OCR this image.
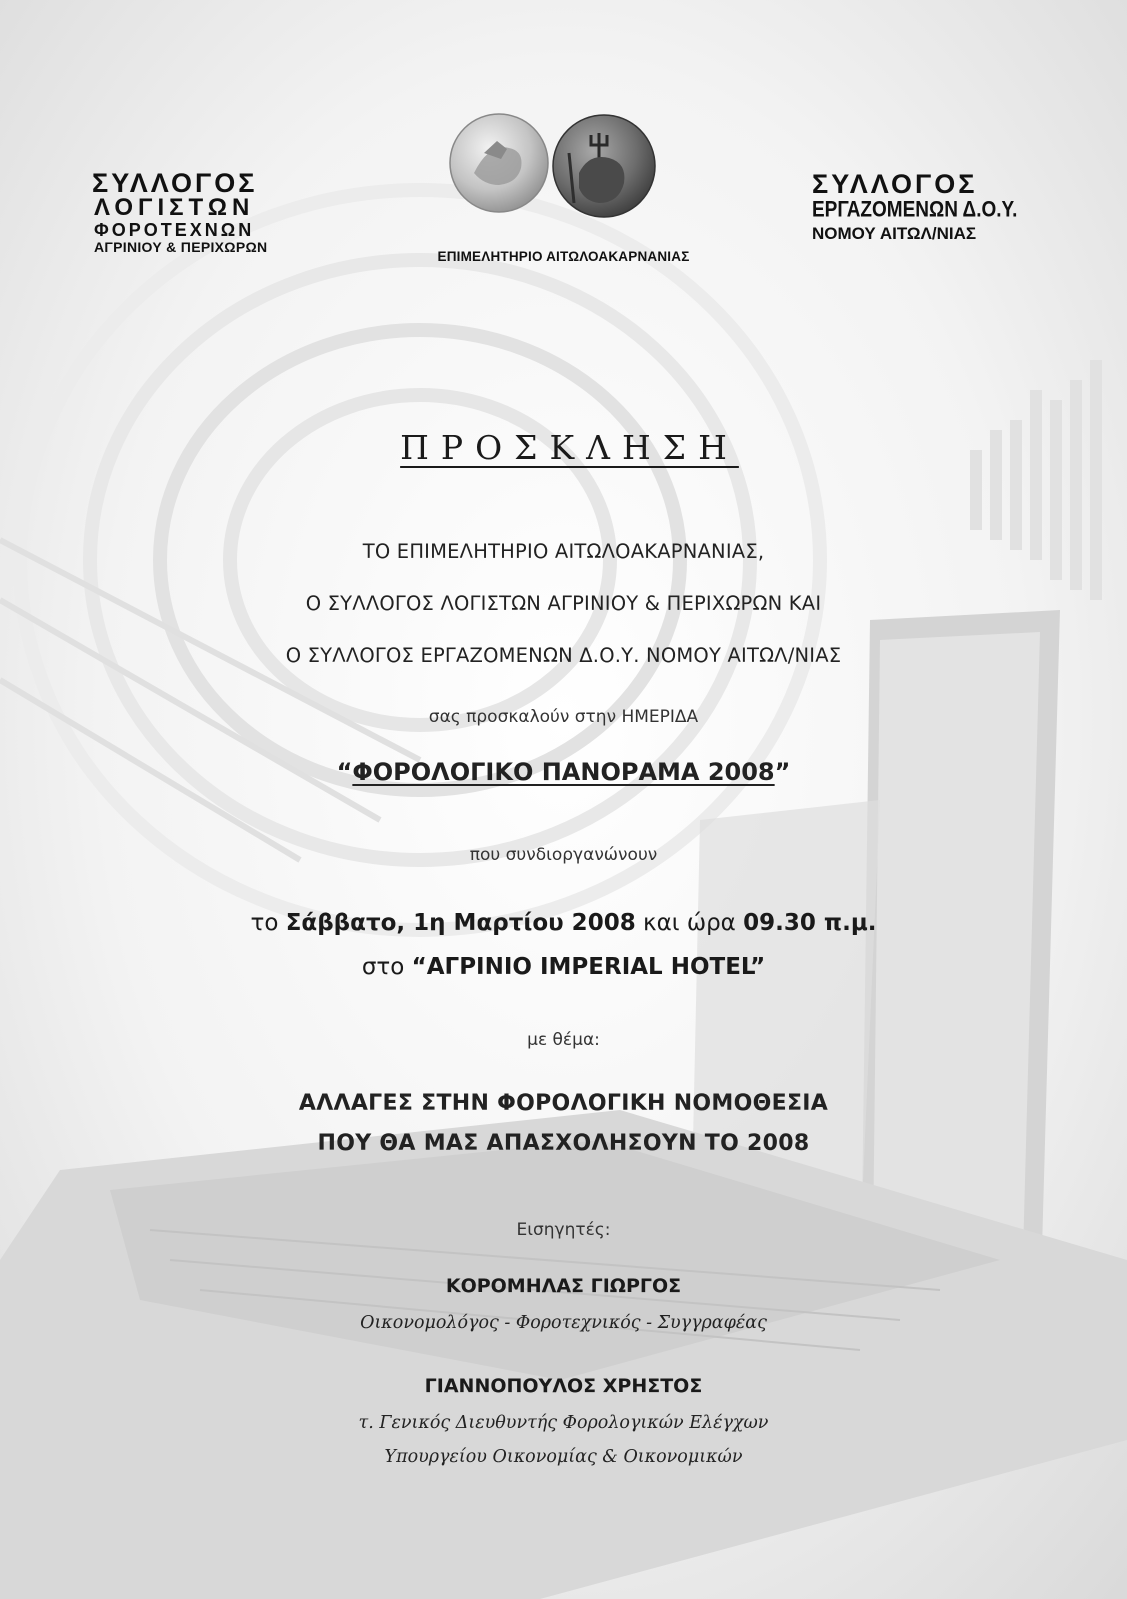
ΣΥΛΛΟΓΟΣ
ΛΟΓΙΣΤΩΝ
ΦΟΡΟΤΕΧΝΩΝ
ΑΓΡΙΝΙΟΥ & ΠΕΡΙΧΩΡΩΝ
ΕΠΙΜΕΛΗΤΗΡΙΟ ΑΙΤΩΛΟΑΚΑΡΝΑΝΙΑΣ
ΣΥΛΛΟΓΟΣ
ΕΡΓΑΖΟΜΕΝΩΝ Δ.Ο.Υ.
ΝΟΜΟΥ ΑΙΤΩΛ/ΝΙΑΣ
ΠΡΟΣΚΛΗΣΗ
ΤΟ ΕΠΙΜΕΛΗΤΗΡΙΟ ΑΙΤΩΛΟΑΚΑΡΝΑΝΙΑΣ,
Ο ΣΥΛΛΟΓΟΣ ΛΟΓΙΣΤΩΝ ΑΓΡΙΝΙΟΥ & ΠΕΡΙΧΩΡΩΝ ΚΑΙ
Ο ΣΥΛΛΟΓΟΣ ΕΡΓΑΖΟΜΕΝΩΝ Δ.Ο.Υ. ΝΟΜΟΥ ΑΙΤΩΛ/ΝΙΑΣ
σας προσκαλούν στην ΗΜΕΡΙΔΑ
“ΦΟΡΟΛΟΓΙΚΟ ΠΑΝΟΡΑΜΑ 2008”
που συνδιοργανώνουν
το Σάββατο, 1η Μαρτίου 2008 και ώρα 09.30 π.μ.
στο “ΑΓΡΙΝΙΟ IMPERIAL HOTEL”
με θέμα:
ΑΛΛΑΓΕΣ ΣΤΗΝ ΦΟΡΟΛΟΓΙΚΗ ΝΟΜΟΘΕΣΙΑ
ΠΟΥ ΘΑ ΜΑΣ ΑΠΑΣΧΟΛΗΣΟΥΝ ΤΟ 2008
Εισηγητές:
ΚΟΡΟΜΗΛΑΣ ΓΙΩΡΓΟΣ
Οικονομολόγος - Φοροτεχνικός - Συγγραφέας
ΓΙΑΝΝΟΠΟΥΛΟΣ ΧΡΗΣΤΟΣ
τ. Γενικός Διευθυντής Φορολογικών Ελέγχων
Υπουργείου Οικονομίας & Οικονομικών
